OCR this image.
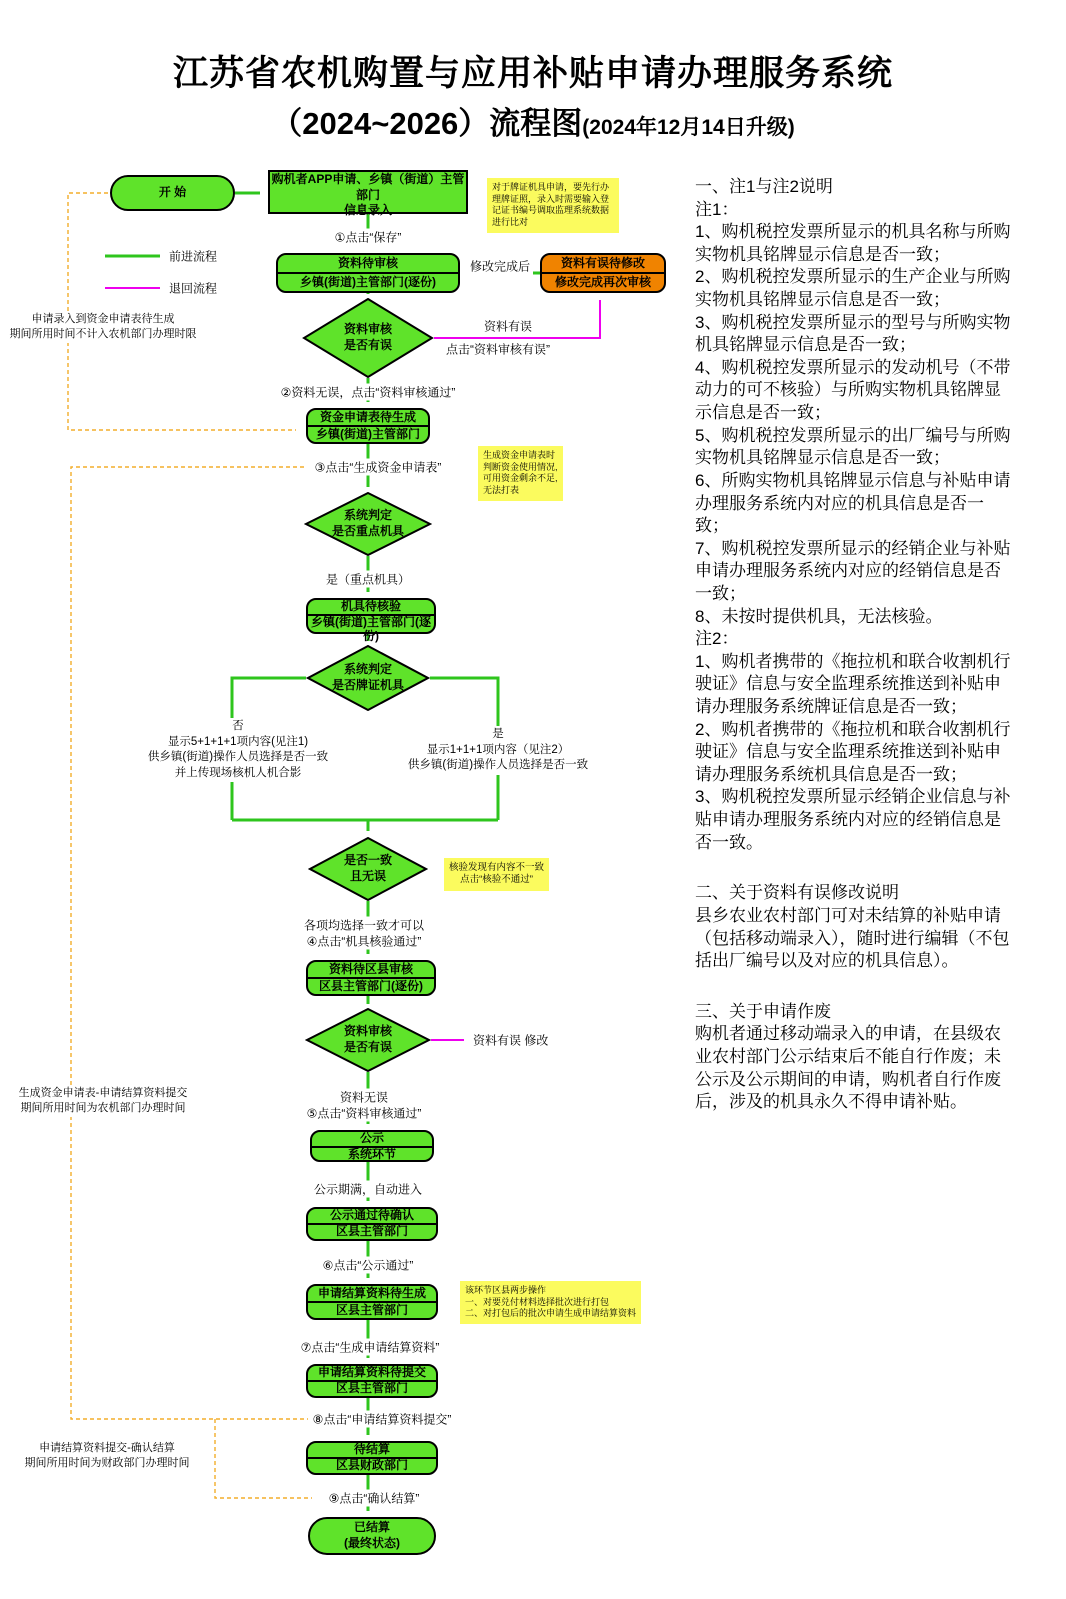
江苏省农机购置与应用补贴申请办理服务系统
（2024~2026）流程图(2024年12月14日升级)
前进流程
退回流程
开 始
购机者APP申请、乡镇（街道）主管部门
信息录入
对于牌证机具申请，要先行办理牌证照，录入时需要输入登记证书编号调取监理系统数据进行比对
①点击“保存”
资料待审核
乡镇(街道)主管部门(逐份)
资料有误待修改
修改完成再次审核
修改完成后
资料审核
是否有误
资料有误
点击“资料审核有误”
②资料无误，点击“资料审核通过”
资金申请表待生成
乡镇(街道)主管部门
③点击“生成资金申请表”
生成资金申请表时
判断资金使用情况,
可用资金剩余不足,
无法打表
系统判定
是否重点机具
是（重点机具）
机具待核验
乡镇(街道)主管部门(逐份)
系统判定
是否牌证机具
否
显示5+1+1+1项内容(见注1)
供乡镇(街道)操作人员选择是否一致
并上传现场核机人机合影
是
显示1+1+1项内容（见注2）
供乡镇(街道)操作人员选择是否一致
是否一致
且无误
核验发现有内容不一致
点击“核验不通过”
各项均选择一致才可以
④点击“机具核验通过”
资料待区县审核
区县主管部门(逐份)
资料审核
是否有误	资料有误 修改
资料无误
⑤点击“资料审核通过”
公示
系统环节
公示期满，自动进入
公示通过待确认
区县主管部门
⑥点击“公示通过”
申请结算资料待生成
区县主管部门
该环节区县两步操作
一、对要兑付材料选择批次进行打包
二、对打包后的批次申请生成申请结算资料
⑦点击“生成申请结算资料”
申请结算资料待提交
区县主管部门
⑧点击“申请结算资料提交”
待结算
区县财政部门
⑨点击“确认结算”
已结算
(最终状态)
申请录入到资金申请表待生成
期间所用时间不计入农机部门办理时限
生成资金申请表-申请结算资料提交
期间所用时间为农机部门办理时间
申请结算资料提交-确认结算
期间所用时间为财政部门办理时间

一、注1与注2说明

注1：

1、购机税控发票所显示的机具名称与所购实物机具铭牌显示信息是否一致；

2、购机税控发票所显示的生产企业与所购实物机具铭牌显示信息是否一致；

3、购机税控发票所显示的型号与所购实物机具铭牌显示信息是否一致；

4、购机税控发票所显示的发动机号（不带动力的可不核验）与所购实物机具铭牌显示信息是否一致；

5、购机税控发票所显示的出厂编号与所购实物机具铭牌显示信息是否一致；

6、所购实物机具铭牌显示信息与补贴申请办理服务系统内对应的机具信息是否一致；

7、购机税控发票所显示的经销企业与补贴申请办理服务系统内对应的经销信息是否一致；

8、未按时提供机具，无法核验。

注2：

1、购机者携带的《拖拉机和联合收割机行驶证》信息与安全监理系统推送到补贴申请办理服务系统牌证信息是否一致；

2、购机者携带的《拖拉机和联合收割机行驶证》信息与安全监理系统推送到补贴申请办理服务系统机具信息是否一致；

3、购机税控发票所显示经销企业信息与补贴申请办理服务系统内对应的经销信息是否一致。

二、关于资料有误修改说明

县乡农业农村部门可对未结算的补贴申请（包括移动端录入），随时进行编辑（不包括出厂编号以及对应的机具信息）。

三、关于申请作废

购机者通过移动端录入的申请，在县级农业农村部门公示结束后不能自行作废；未公示及公示期间的申请，购机者自行作废后，涉及的机具永久不得申请补贴。
